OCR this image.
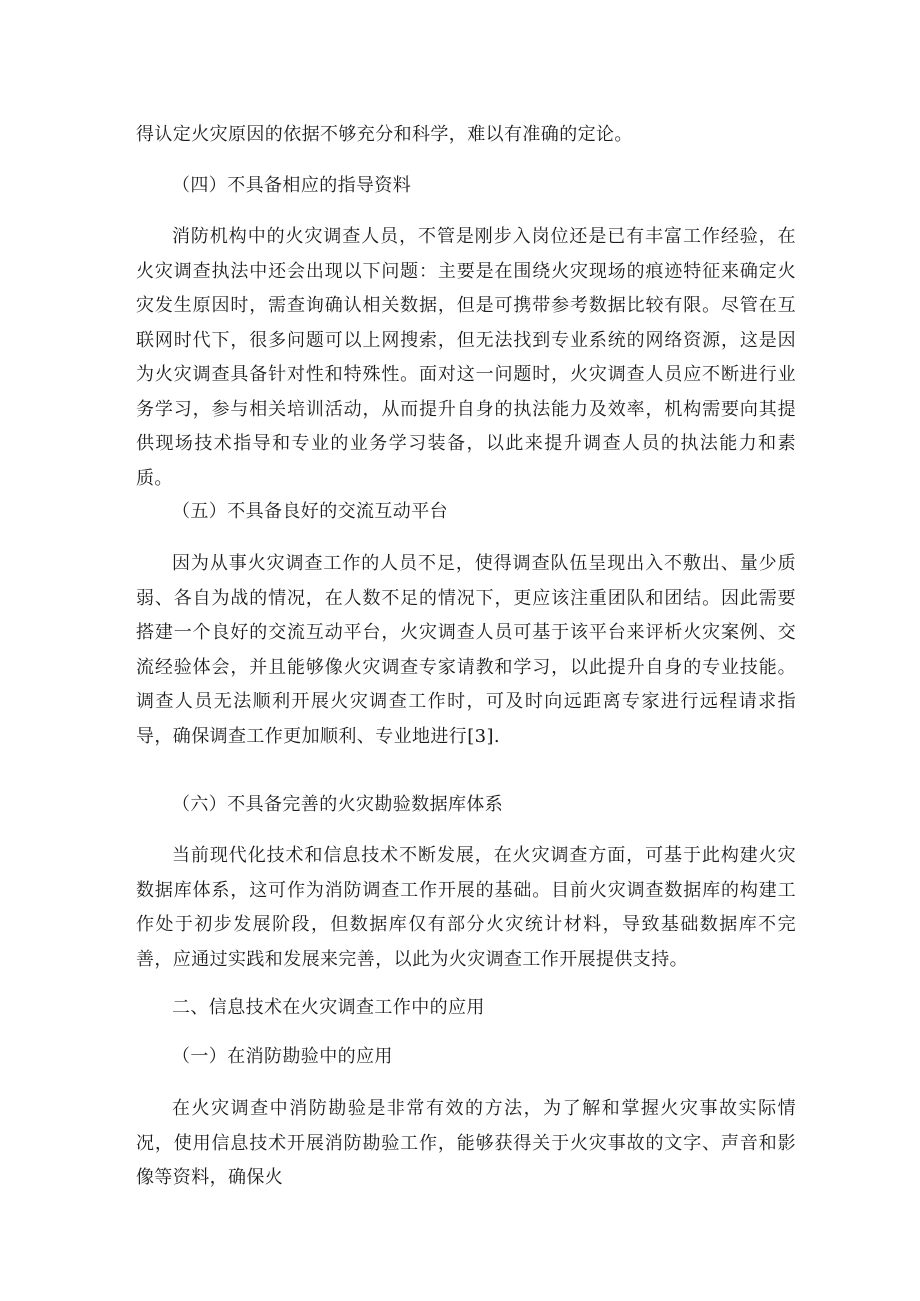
得认定火灾原因的依据不够充分和科学，难以有准确的定论。

（四）不具备相应的指导资料

消防机构中的火灾调查人员，不管是刚步入岗位还是已有丰富工作经验，在火灾调查执法中还会出现以下问题：主要是在围绕火灾现场的痕迹特征来确定火灾发生原因时，需查询确认相关数据，但是可携带参考数据比较有限。尽管在互联网时代下，很多问题可以上网搜索，但无法找到专业系统的网络资源，这是因为火灾调查具备针对性和特殊性。面对这一问题时，火灾调查人员应不断进行业务学习，参与相关培训活动，从而提升自身的执法能力及效率，机构需要向其提供现场技术指导和专业的业务学习装备，以此来提升调查人员的执法能力和素质。

（五）不具备良好的交流互动平台

因为从事火灾调查工作的人员不足，使得调查队伍呈现出入不敷出、量少质弱、各自为战的情况，在人数不足的情况下，更应该注重团队和团结。因此需要搭建一个良好的交流互动平台，火灾调查人员可基于该平台来评析火灾案例、交流经验体会，并且能够像火灾调查专家请教和学习，以此提升自身的专业技能。调查人员无法顺利开展火灾调查工作时，可及时向远距离专家进行远程请求指导，确保调查工作更加顺利、专业地进行[3].

（六）不具备完善的火灾勘验数据库体系

当前现代化技术和信息技术不断发展，在火灾调查方面，可基于此构建火灾数据库体系，这可作为消防调查工作开展的基础。目前火灾调查数据库的构建工作处于初步发展阶段，但数据库仅有部分火灾统计材料，导致基础数据库不完善，应通过实践和发展来完善，以此为火灾调查工作开展提供支持。

二、信息技术在火灾调查工作中的应用

（一）在消防勘验中的应用

在火灾调查中消防勘验是非常有效的方法，为了解和掌握火灾事故实际情况，使用信息技术开展消防勘验工作，能够获得关于火灾事故的文字、声音和影像等资料，确保火
